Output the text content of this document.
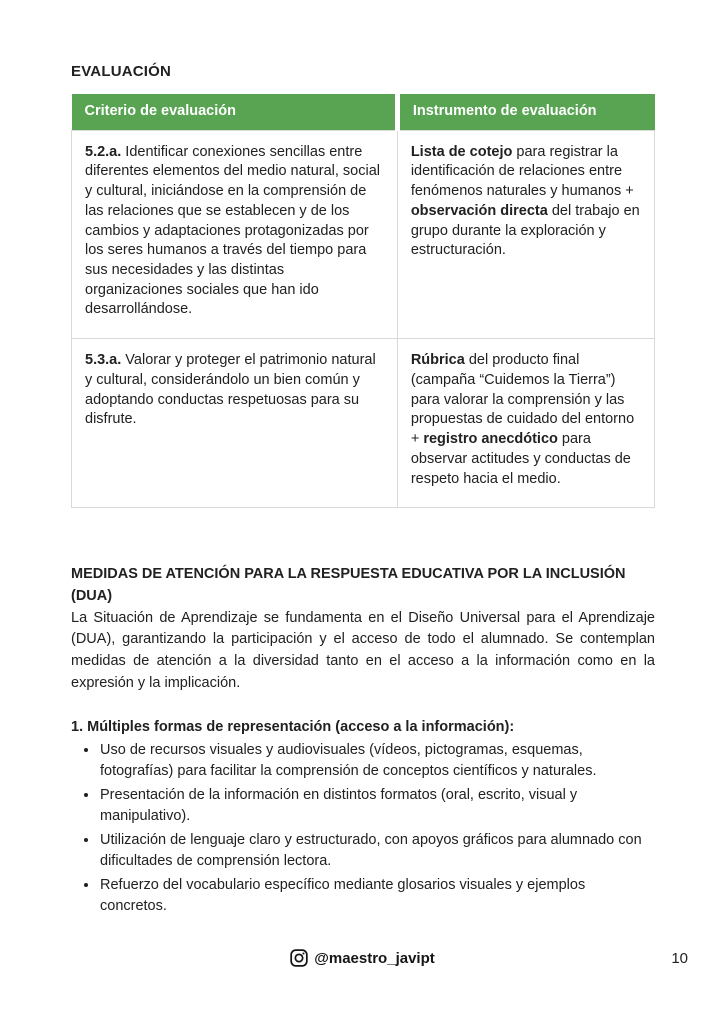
EVALUACIÓN
Criterio de evaluación	Instrumento de evaluación
5.2.a. Identificar conexiones sencillas entre diferentes elementos del medio natural, social y cultural, iniciándose en la comprensión de las relaciones que se establecen y de los cambios y adaptaciones protagonizadas por los seres humanos a través del tiempo para sus necesidades y las distintas organizaciones sociales que han ido desarrollándose.	Lista de cotejo para registrar la identificación de relaciones entre fenómenos naturales y humanos + observación directa del trabajo en grupo durante la exploración y estructuración.
5.3.a. Valorar y proteger el patrimonio natural y cultural, considerándolo un bien común y adoptando conductas respetuosas para su disfrute.	Rúbrica del producto final (campaña “Cuidemos la Tierra”) para valorar la comprensión y las propuestas de cuidado del entorno + registro anecdótico para observar actitudes y conductas de respeto hacia el medio.

MEDIDAS DE ATENCIÓN PARA LA RESPUESTA EDUCATIVA POR LA INCLUSIÓN (DUA)

La Situación de Aprendizaje se fundamenta en el Diseño Universal para el Aprendizaje (DUA), garantizando la participación y el acceso de todo el alumnado. Se contemplan medidas de atención a la diversidad tanto en el acceso a la información como en la expresión y la implicación.

1. Múltiples formas de representación (acceso a la información):

• Uso de recursos visuales y audiovisuales (vídeos, pictogramas, esquemas, fotografías) para facilitar la comprensión de conceptos científicos y naturales.
• Presentación de la información en distintos formatos (oral, escrito, visual y manipulativo).
• Utilización de lenguaje claro y estructurado, con apoyos gráficos para alumnado con dificultades de comprensión lectora.
• Refuerzo del vocabulario específico mediante glosarios visuales y ejemplos concretos.
@maestro_javipt	10
